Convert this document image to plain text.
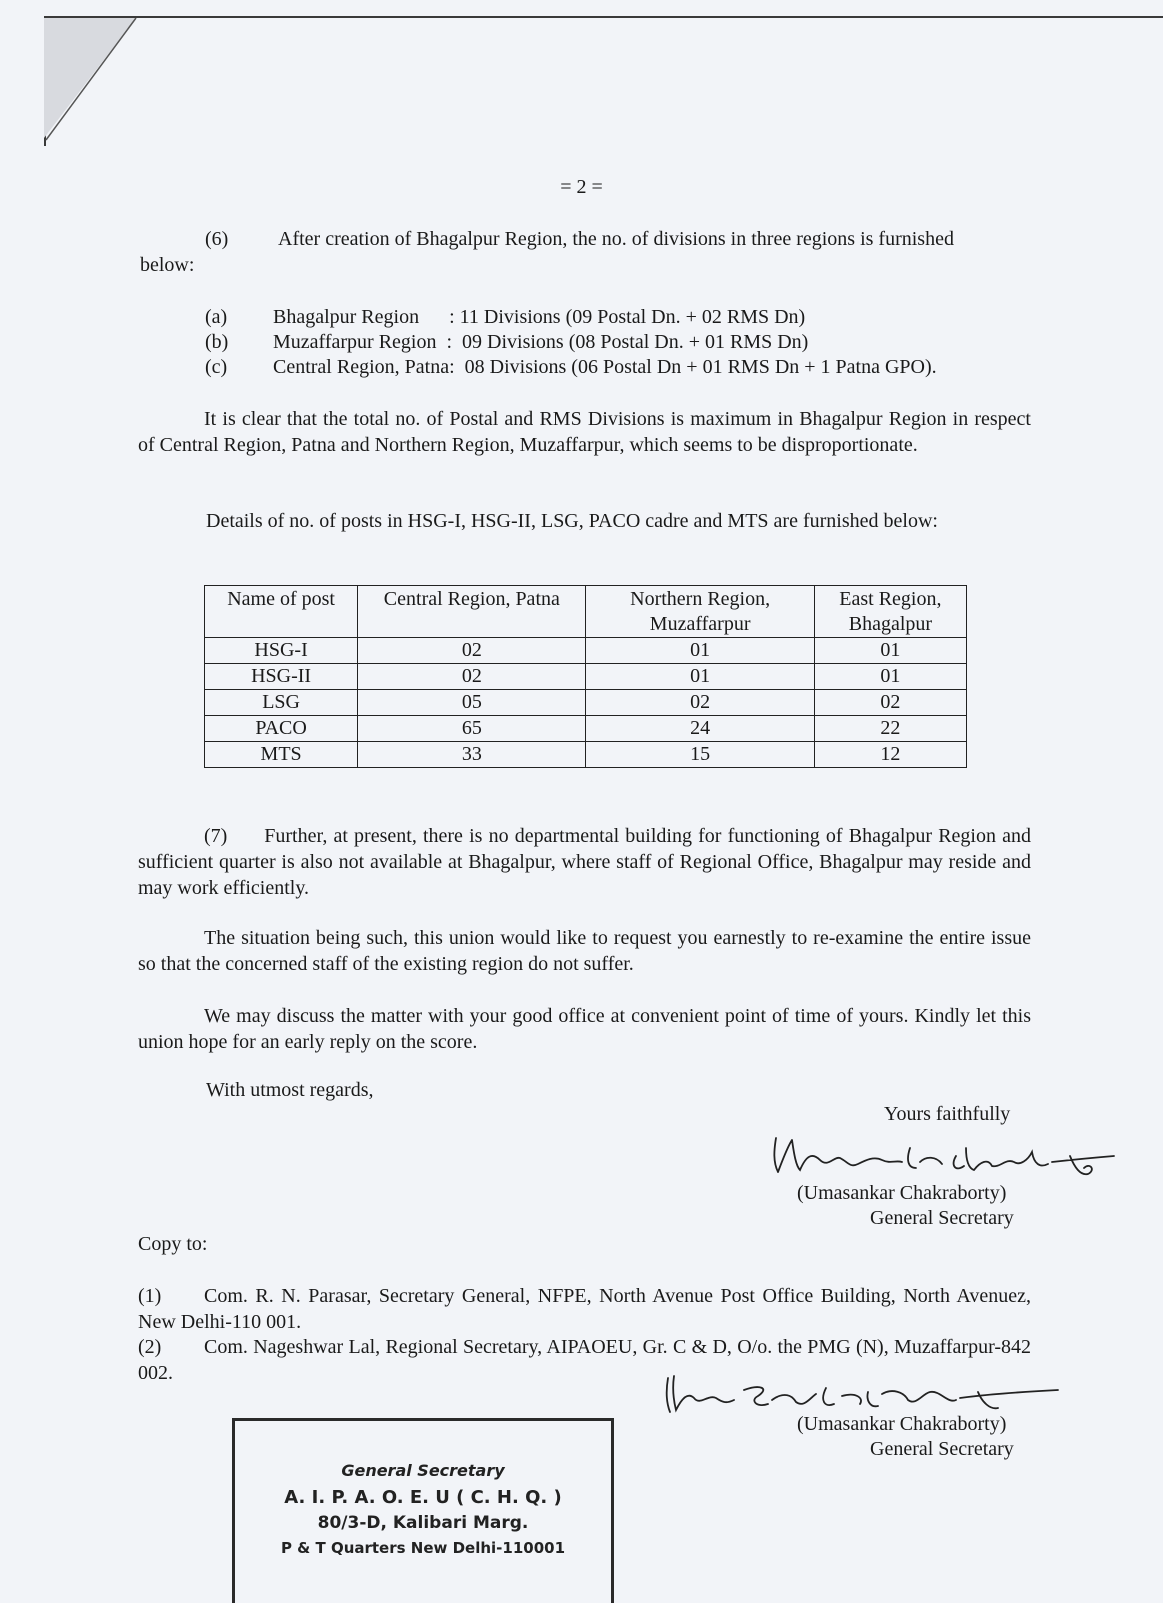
= 2 =
(6) After creation of Bhagalpur Region, the no. of divisions in three regions is furnished
below:
(a) Bhagalpur Region      : 11 Divisions (09 Postal Dn. + 02 RMS Dn)
(b) Muzaffarpur Region  :  09 Divisions (08 Postal Dn. + 01 RMS Dn)
(c) Central Region, Patna:  08 Divisions (06 Postal Dn + 01 RMS Dn + 1 Patna GPO).
It is clear that the total no. of Postal and RMS Divisions is maximum in Bhagalpur Region in respect of Central Region, Patna and Northern Region, Muzaffarpur, which seems to be disproportionate.
Details of no. of posts in HSG-I, HSG-II, LSG, PACO cadre and MTS are furnished below:
Name of post	Central Region, Patna	Northern Region, Muzaffarpur	East Region, Bhagalpur
HSG-I	02	01	01
HSG-II	02	01	01
LSG	05	02	02
PACO	65	24	22
MTS	33	15	12
(7) Further, at present, there is no departmental building for functioning of Bhagalpur Region and sufficient quarter is also not available at Bhagalpur, where staff of Regional Office, Bhagalpur may reside and may work efficiently.
The situation being such, this union would like to request you earnestly to re-examine the entire issue so that the concerned staff of the existing region do not suffer.
We may discuss the matter with your good office at convenient point of time of yours. Kindly let this union hope for an early reply on the score.
With utmost regards,
Yours faithfully
(Umasankar Chakraborty)
General Secretary
Copy to:
(1) Com. R. N. Parasar, Secretary General, NFPE, North Avenue Post Office Building, North Avenuez, New Delhi-110 001.
(2) Com. Nageshwar Lal, Regional Secretary, AIPAOEU, Gr. C & D, O/o. the PMG (N), Muzaffarpur-842 002.
(Umasankar Chakraborty)
General Secretary
General Secretary
A. I. P. A. O. E. U ( C. H. Q. )
80/3-D, Kalibari Marg.
P & T Quarters New Delhi-110001
